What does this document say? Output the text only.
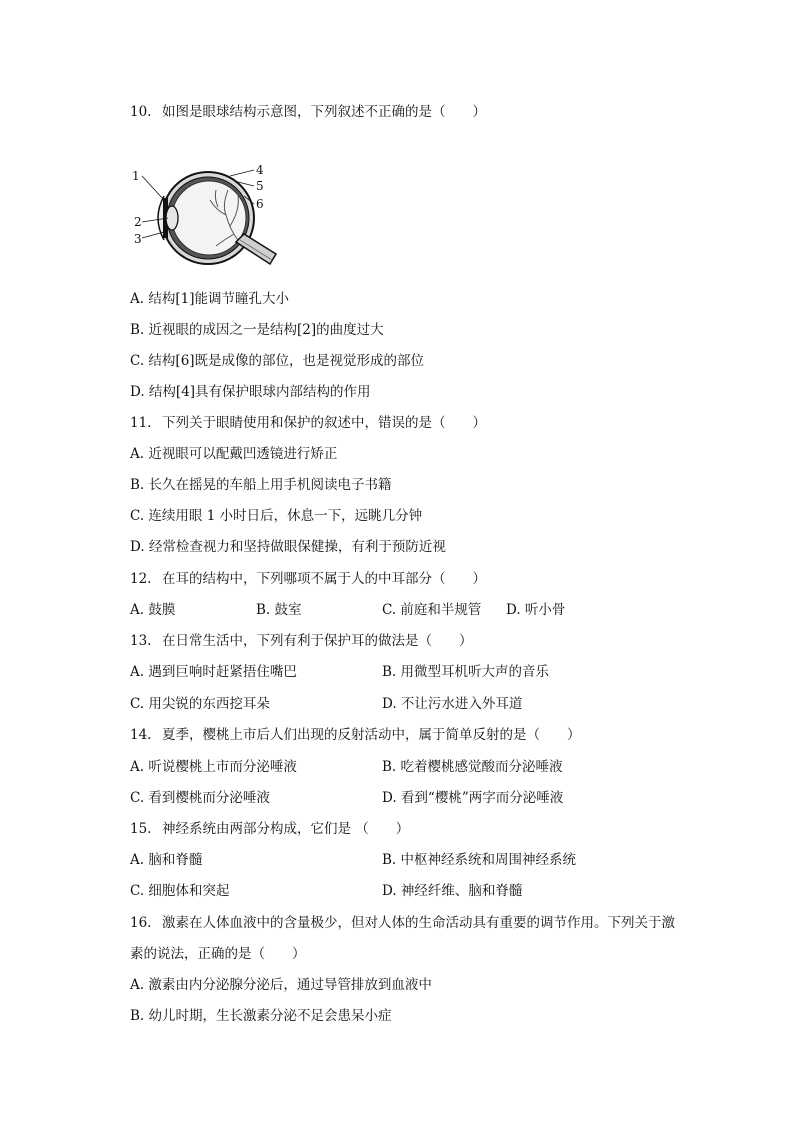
10. 如图是眼球结构示意图，下列叙述不正确的是（　　）
1
2
3
4
5
6
A. 结构[1]能调节瞳孔大小
B. 近视眼的成因之一是结构[2]的曲度过大
C. 结构[6]既是成像的部位，也是视觉形成的部位
D. 结构[4]具有保护眼球内部结构的作用
11. 下列关于眼睛使用和保护的叙述中，错误的是（　　）
A. 近视眼可以配戴凹透镜进行矫正
B. 长久在摇晃的车船上用手机阅读电子书籍
C. 连续用眼 1 小时日后，休息一下，远眺几分钟
D. 经常检查视力和坚持做眼保健操，有利于预防近视
12. 在耳的结构中，下列哪项不属于人的中耳部分（　　）
A. 鼓膜	B. 鼓室	C. 前庭和半规管 D. 听小骨
13. 在日常生活中，下列有利于保护耳的做法是（　　）
A. 遇到巨响时赶紧捂住嘴巴	B. 用微型耳机听大声的音乐
C. 用尖锐的东西挖耳朵	D. 不让污水进入外耳道
14. 夏季，樱桃上市后人们出现的反射活动中，属于简单反射的是（　　）
A. 听说樱桃上市而分泌唾液	B. 吃着樱桃感觉酸而分泌唾液
C. 看到樱桃而分泌唾液	D. 看到“樱桃”两字而分泌唾液
15. 神经系统由两部分构成，它们是 （　　）
A. 脑和脊髓	B. 中枢神经系统和周围神经系统
C. 细胞体和突起	D. 神经纤维、脑和脊髓
16. 激素在人体血液中的含量极少，但对人体的生命活动具有重要的调节作用。下列关于激
素的说法，正确的是（　　）
A. 激素由内分泌腺分泌后，通过导管排放到血液中
B. 幼儿时期，生长激素分泌不足会患呆小症
